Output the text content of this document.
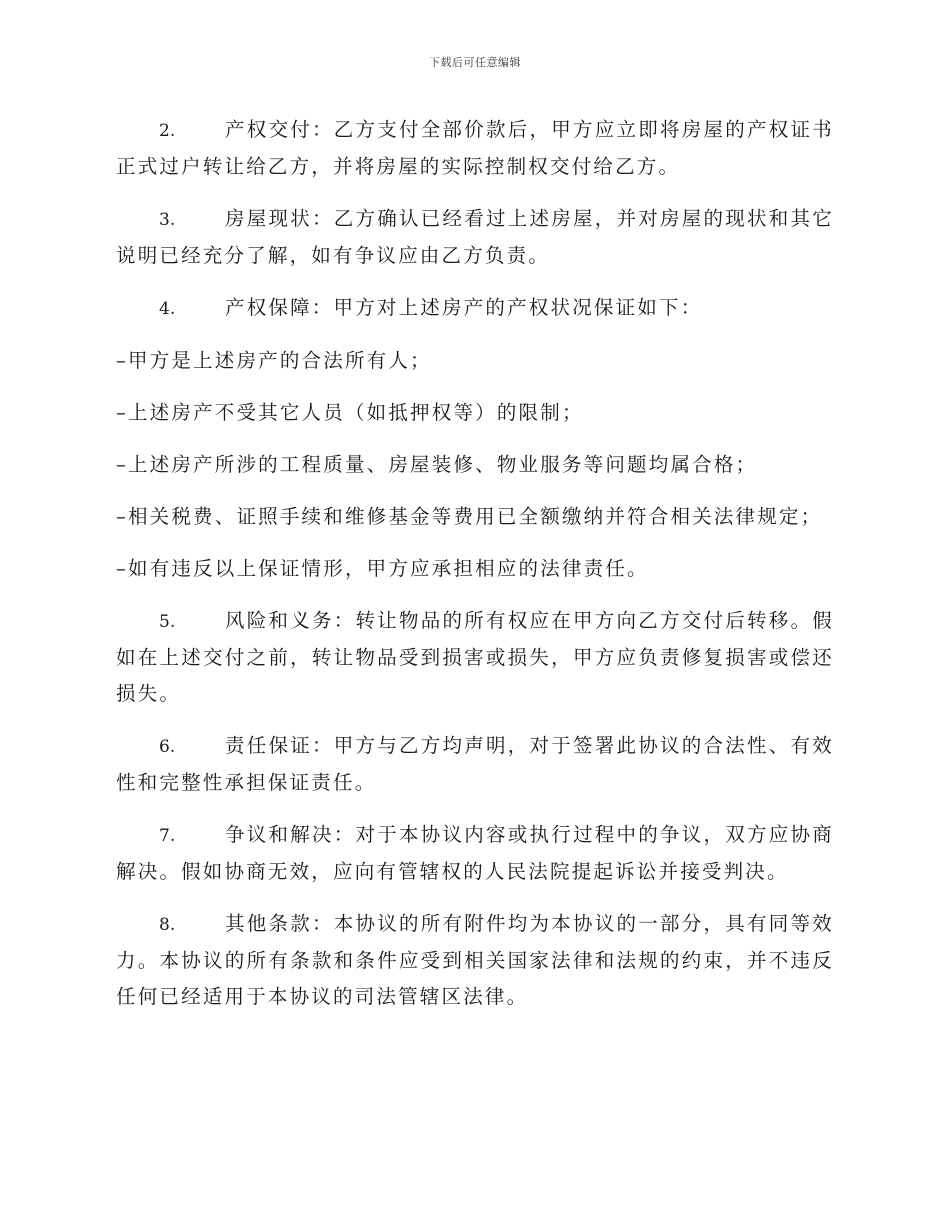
下载后可任意编辑

2.	产权交付：乙方支付全部价款后，甲方应立即将房屋的产权证书正式过户转让给乙方，并将房屋的实际控制权交付给乙方。

3.	房屋现状：乙方确认已经看过上述房屋，并对房屋的现状和其它说明已经充分了解，如有争议应由乙方负责。

4.	产权保障：甲方对上述房产的产权状况保证如下：

–甲方是上述房产的合法所有人；

–上述房产不受其它人员（如抵押权等）的限制；

–上述房产所涉的工程质量、房屋装修、物业服务等问题均属合格；

–相关税费、证照手续和维修基金等费用已全额缴纳并符合相关法律规定；

–如有违反以上保证情形，甲方应承担相应的法律责任。

5.	风险和义务：转让物品的所有权应在甲方向乙方交付后转移。假如在上述交付之前，转让物品受到损害或损失，甲方应负责修复损害或偿还损失。

6.	责任保证：甲方与乙方均声明，对于签署此协议的合法性、有效性和完整性承担保证责任。

7.	争议和解决：对于本协议内容或执行过程中的争议，双方应协商解决。假如协商无效，应向有管辖权的人民法院提起诉讼并接受判决。

8.	其他条款：本协议的所有附件均为本协议的一部分，具有同等效力。本协议的所有条款和条件应受到相关国家法律和法规的约束，并不违反任何已经适用于本协议的司法管辖区法律。
